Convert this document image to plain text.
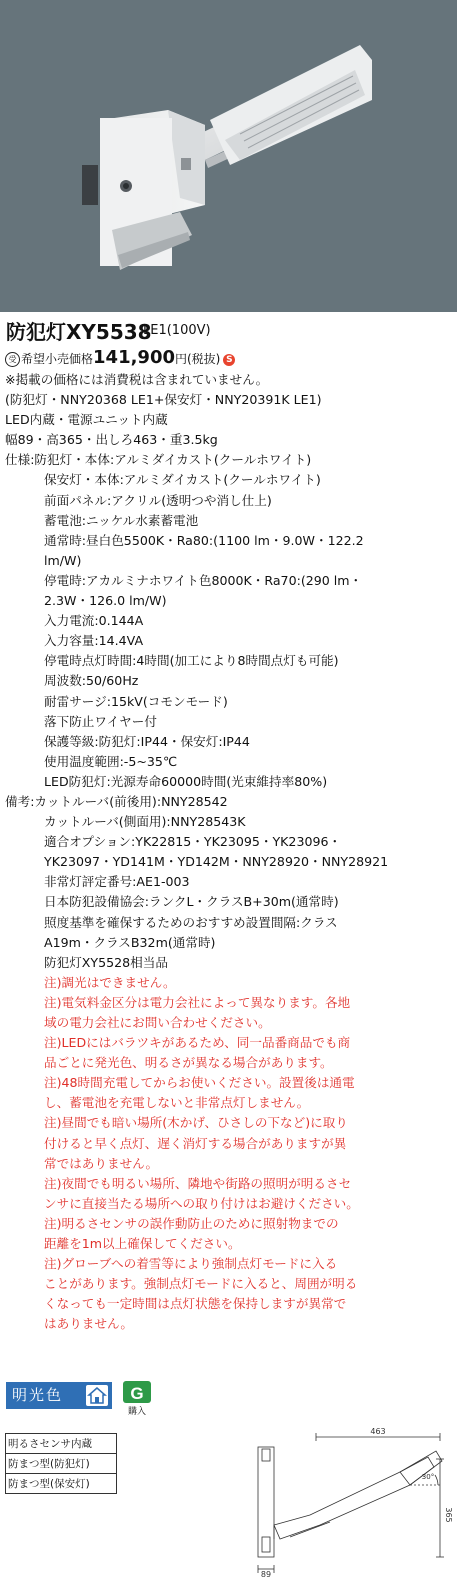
防犯灯XY5538
LE1(100V)
受 希望小売価格141,900円(税抜) S
※掲載の価格には消費税は含まれていません。
(防犯灯・NNY20368 LE1+保安灯・NNY20391K LE1)
LED内蔵・電源ユニット内蔵
幅89・高365・出しろ463・重3.5kg
仕様:防犯灯・本体:アルミダイカスト(クールホワイト)
保安灯・本体:アルミダイカスト(クールホワイト)
前面パネル:アクリル(透明つや消し仕上)
蓄電池:ニッケル水素蓄電池
通常時:昼白色5500K・Ra80:(1100 lm・9.0W・122.2
lm/W)
停電時:アカルミナホワイト色8000K・Ra70:(290 lm・
2.3W・126.0 lm/W)
入力電流:0.144A
入力容量:14.4VA
停電時点灯時間:4時間(加工により8時間点灯も可能)
周波数:50/60Hz
耐雷サージ:15kV(コモンモード)
落下防止ワイヤー付
保護等級:防犯灯:IP44・保安灯:IP44
使用温度範囲:-5~35℃
LED防犯灯:光源寿命60000時間(光束維持率80%)
備考:カットルーバ(前後用):NNY28542
カットルーバ(側面用):NNY28543K
適合オプション:YK22815・YK23095・YK23096・
YK23097・YD141M・YD142M・NNY28920・NNY28921
非常灯評定番号:AE1-003
日本防犯設備協会:ランクL・クラスB+30m(通常時)
照度基準を確保するためのおすすめ設置間隔:クラス
A19m・クラスB32m(通常時)
防犯灯XY5528相当品
注)調光はできません。
注)電気料金区分は電力会社によって異なります。各地
域の電力会社にお問い合わせください。
注)LEDにはバラツキがあるため、同一品番商品でも商
品ごとに発光色、明るさが異なる場合があります。
注)48時間充電してからお使いください。設置後は通電
し、蓄電池を充電しないと非常点灯しません。
注)昼間でも暗い場所(木かげ、ひさしの下など)に取り
付けると早く点灯、遅く消灯する場合がありますが異
常ではありません。
注)夜間でも明るい場所、隣地や街路の照明が明るさセ
ンサに直接当たる場所への取り付けはお避けください。
注)明るさセンサの誤作動防止のために照射物までの
距離を1m以上確保してください。
注)グローブへの着雪等により強制点灯モードに入る
ことがあります。強制点灯モードに入ると、周囲が明る
くなっても一定時間は点灯状態を保持しますが異常で
はありません。
明光色	G
購入
明るさセンサ内蔵
防まつ型(防犯灯)
防まつ型(保安灯)
463
30°
365
89
